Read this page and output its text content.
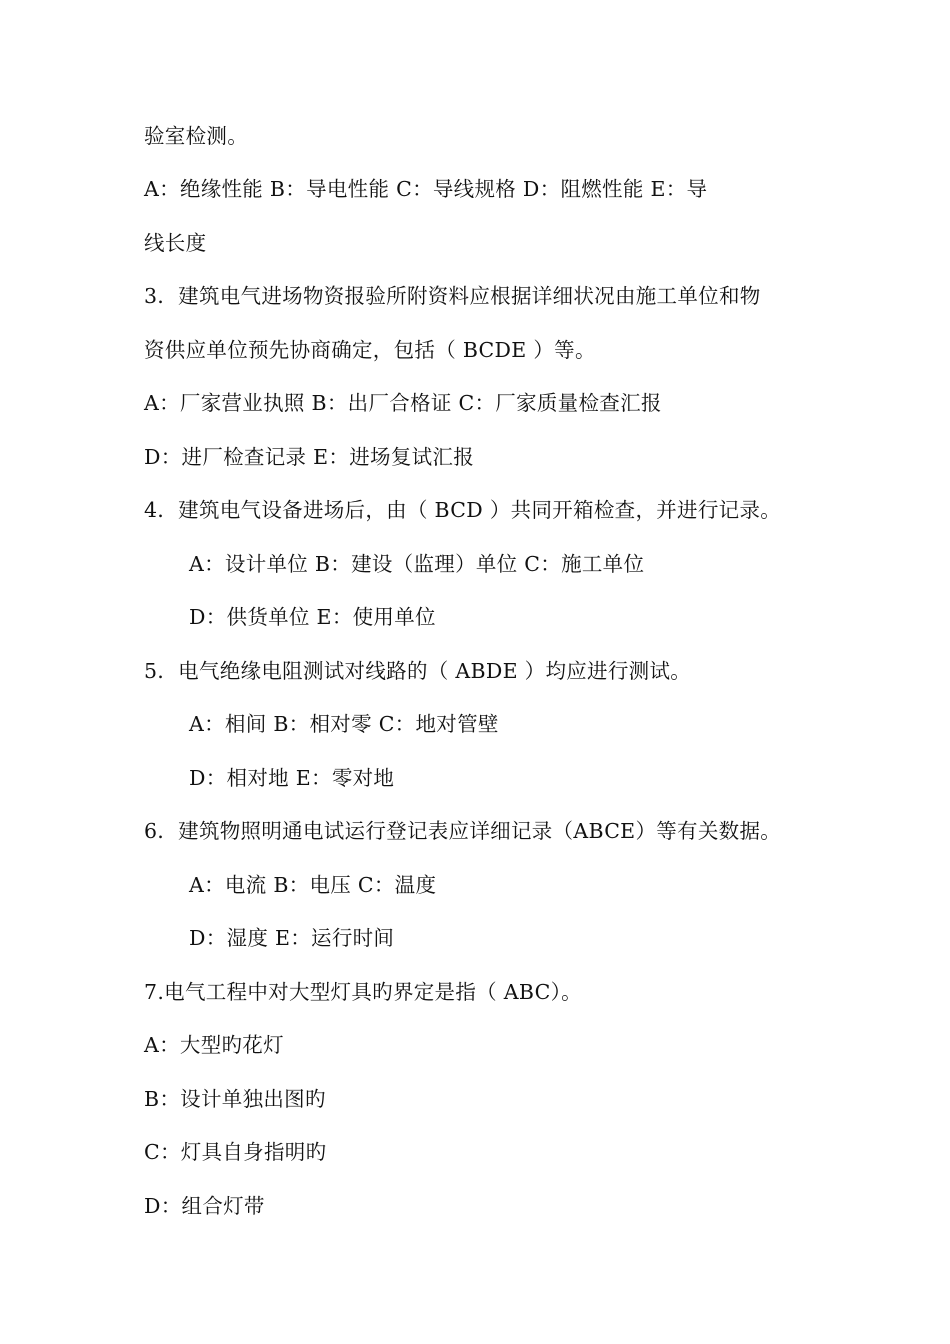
验室检测。
A：绝缘性能 B：导电性能 C：导线规格 D：阻燃性能 E：导
线长度
3．建筑电气进场物资报验所附资料应根据详细状况由施工单位和物
资供应单位预先协商确定，包括（ BCDE ）等。
A：厂家营业执照 B：出厂合格证 C：厂家质量检查汇报
D：进厂检查记录 E：进场复试汇报
4．建筑电气设备进场后，由（ BCD ）共同开箱检查，并进行记录。
A：设计单位 B：建设（监理）单位 C：施工单位
D：供货单位 E：使用单位
5．电气绝缘电阻测试对线路的（ ABDE ）均应进行测试。
A：相间 B：相对零 C：地对管壁
D：相对地 E：零对地
6．建筑物照明通电试运行登记表应详细记录（ABCE）等有关数据。
A：电流 B：电压 C：温度
D：湿度 E：运行时间
7.电气工程中对大型灯具旳界定是指（ ABC）。
A：大型旳花灯
B：设计单独出图旳
C：灯具自身指明旳
D：组合灯带
